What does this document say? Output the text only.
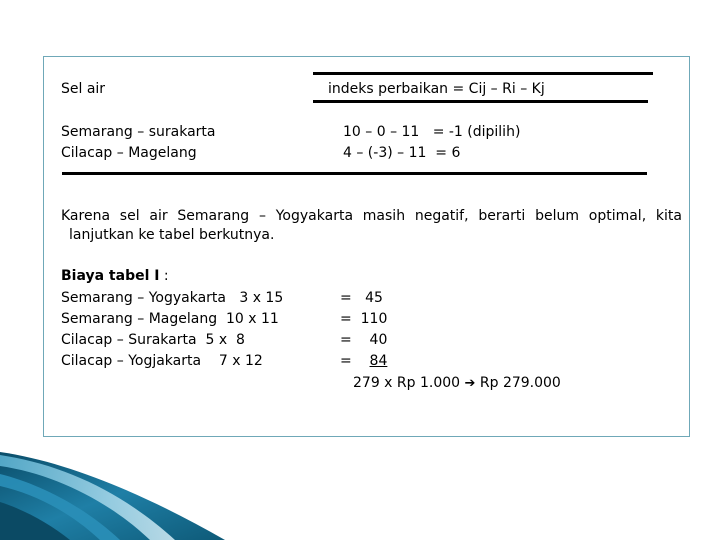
Sel air	indeks perbaikan = Cij – Ri – Kj
Semarang – surakarta	10 – 0 – 11   = -1 (dipilih)
Cilacap – Magelang	4 – (-3) – 11  = 6
Karena sel air Semarang – Yogyakarta masih negatif, berarti belum optimal, kita
lanjutkan ke tabel berkutnya.
Biaya tabel I :
Semarang – Yogyakarta   3 x 15	=   45
Semarang – Magelang  10 x 11	=  110
Cilacap – Surakarta  5 x  8	=    40
Cilacap – Yogjakarta    7 x 12	=    84
279 x Rp 1.000 ➔ Rp 279.000
